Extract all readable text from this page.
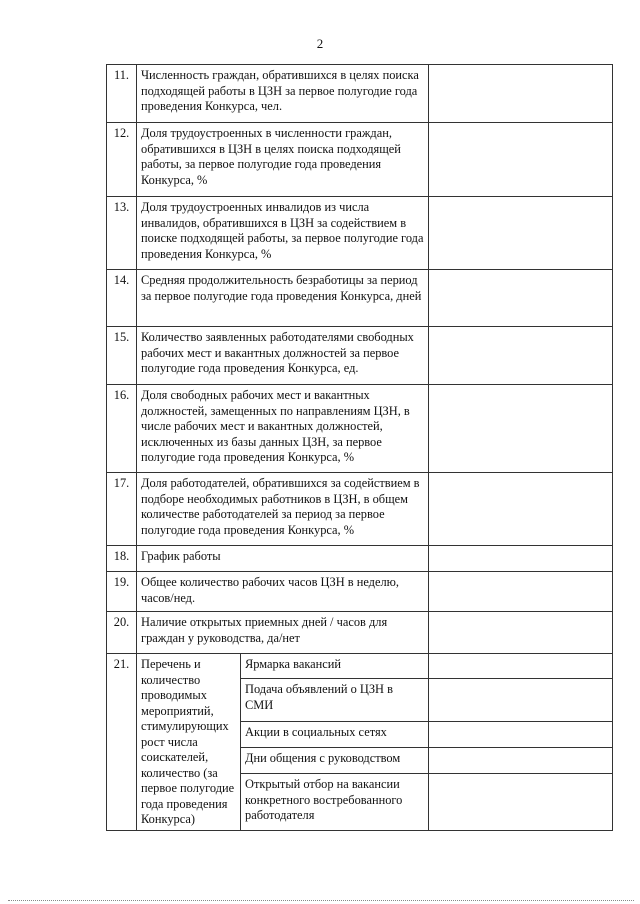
2
11.	Численность граждан, обратившихся в целях поиска подходящей работы в ЦЗН за первое полугодие года проведения Конкурса, чел.		
12.	Доля трудоустроенных в численности граждан, обратившихся в ЦЗН в целях поиска подходящей работы, за первое полугодие года проведения Конкурса, %		
13.	Доля трудоустроенных инвалидов из числа инвалидов, обратившихся в ЦЗН за содействием в поиске подходящей работы, за первое полугодие года проведения Конкурса, %		
14.	Средняя продолжительность безработицы за период за первое полугодие года проведения Конкурса, дней		
15.	Количество заявленных работодателями свободных рабочих мест и вакантных должностей за первое полугодие года проведения Конкурса, ед.		
16.	Доля свободных рабочих мест и вакантных должностей, замещенных по направлениям ЦЗН, в числе рабочих мест и вакантных должностей, исключенных из базы данных ЦЗН, за первое полугодие года проведения Конкурса, %		
17.	Доля работодателей, обратившихся за содействием в подборе необходимых работников в ЦЗН, в общем количестве работодателей за период за первое полугодие года проведения Конкурса, %		
18.	График работы		
19.	Общее количество рабочих часов ЦЗН в неделю, часов/нед.		
20.	Наличие открытых приемных дней / часов для граждан у руководства, да/нет		
21.	Перечень и количество проводимых мероприятий, стимулирующих рост числа соискателей, количество (за первое полугодие года проведения Конкурса)	Ярмарка вакансий	
		Подача объявлений о ЦЗН в СМИ	
		Акции в социальных сетях	
		Дни общения с руководством	
		Открытый отбор на вакансии конкретного востребованного работодателя	
